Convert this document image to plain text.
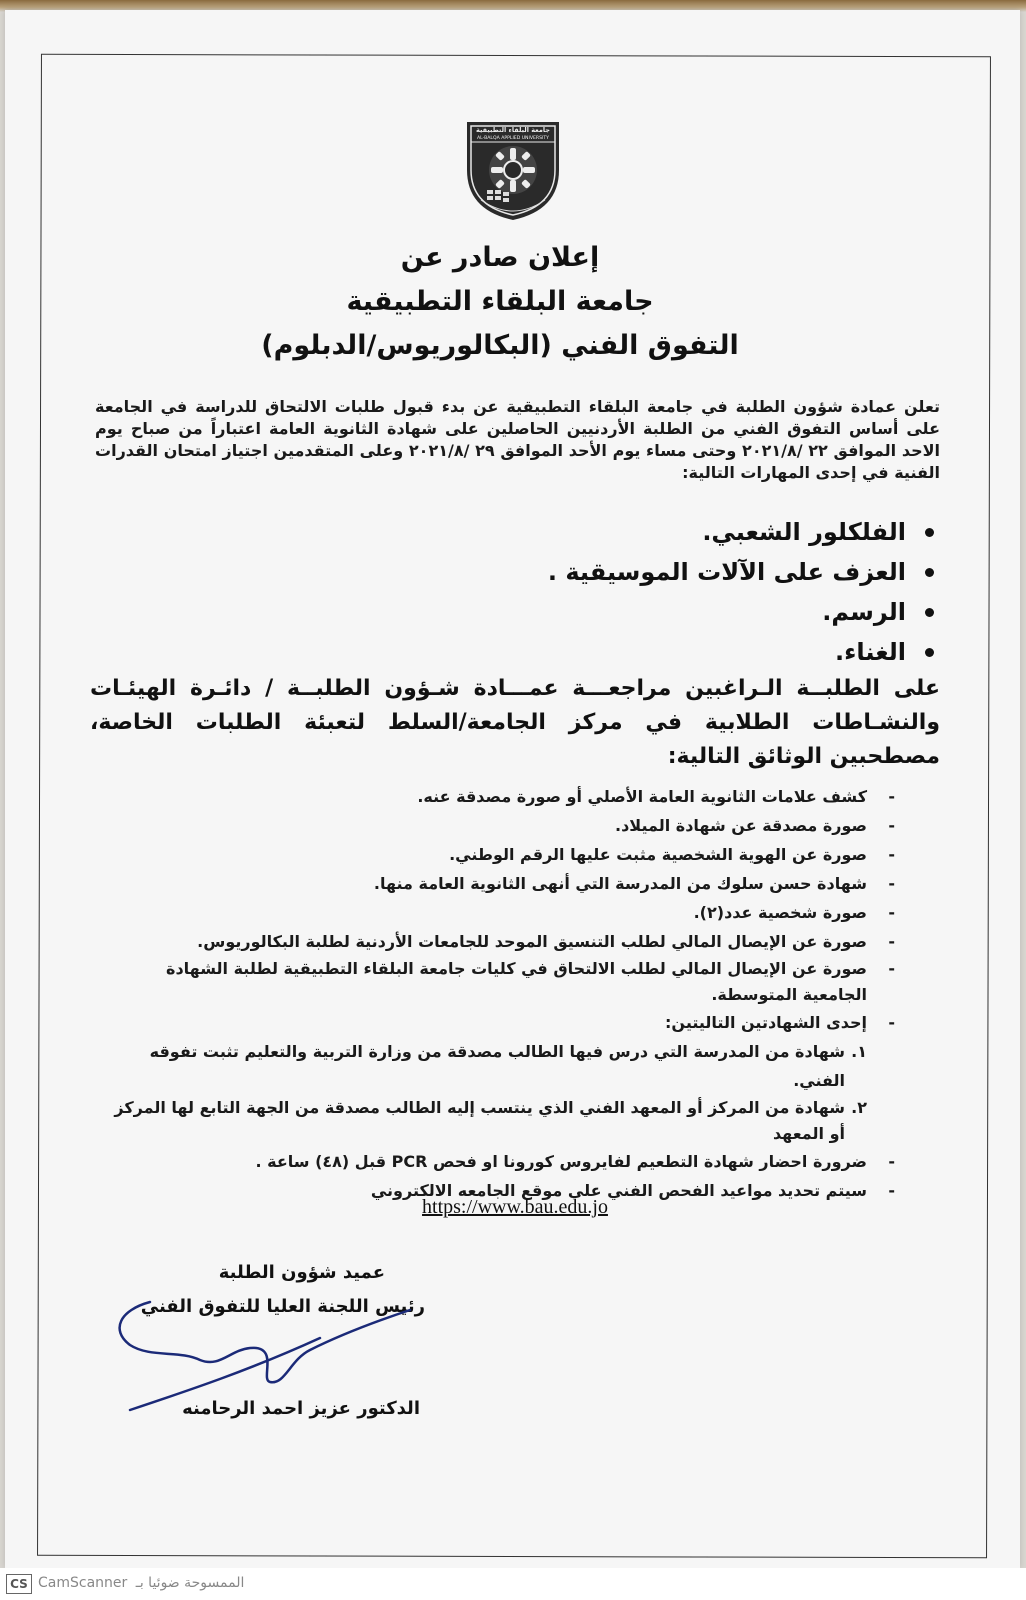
جامعة البلقاء التطبيقية
AL-BALQA APPLIED UNIVERSITY
إعلان صادر عن
جامعة البلقاء التطبيقية
التفوق الفني (البكالوريوس/الدبلوم)
تعلن عمادة شؤون الطلبة في جامعة البلقاء التطبيقية عن بدء قبول طلبات الالتحاق للدراسة في الجامعة على أساس التفوق الفني من الطلبة الأردنيين الحاصلين على شهادة الثانوية العامة اعتباراً من صباح يوم الاحد الموافق ٢٢ /٢٠٢١/٨ وحتى مساء يوم الأحد الموافق ٢٩ /٢٠٢١/٨ وعلى المتقدمين اجتياز امتحان القدرات الفنية في إحدى المهارات التالية:
الفلكلور الشعبي.
العزف على الآلات الموسيقية .
الرسم.
الغناء.
على الطلبــة الـراغبين مراجعـــة عمـــادة شـؤون الطلبــة / دائـرة الهيئـات والنشـاطات الطلابية في مركز الجامعة/السلط لتعبئة الطلبات الخاصة، مصطحبين الوثائق التالية:
- كشف علامات الثانوية العامة الأصلي أو صورة مصدقة عنه.
- صورة مصدقة عن شهادة الميلاد.
- صورة عن الهوية الشخصية مثبت عليها الرقم الوطني.
- شهادة حسن سلوك من المدرسة التي أنهى الثانوية العامة منها.
- صورة شخصية عدد(٢).
- صورة عن الإيصال المالي لطلب التنسيق الموحد للجامعات الأردنية لطلبة البكالوريوس.
- صورة عن الإيصال المالي لطلب الالتحاق في كليات جامعة البلقاء التطبيقية لطلبة الشهادة الجامعية المتوسطة.
- إحدى الشهادتين التاليتين:
١.
شهادة من المدرسة التي درس فيها الطالب مصدقة من وزارة التربية والتعليم تثبت تفوقه الفني.
٢.
شهادة من المركز أو المعهد الفني الذي ينتسب إليه الطالب مصدقة من الجهة التابع لها المركز أو المعهد
- ضرورة احضار شهادة التطعيم لفايروس كورونا او فحص PCR قبل (٤٨) ساعة .
- سيتم تحديد مواعيد الفحص الفني على موقع الجامعه الالكتروني
https://www.bau.edu.jo
عميد شؤون الطلبة
رئيس اللجنة العليا للتفوق الفني
الدكتور عزيز احمد الرحامنه
CS CamScanner الممسوحة ضوئيا بـ
